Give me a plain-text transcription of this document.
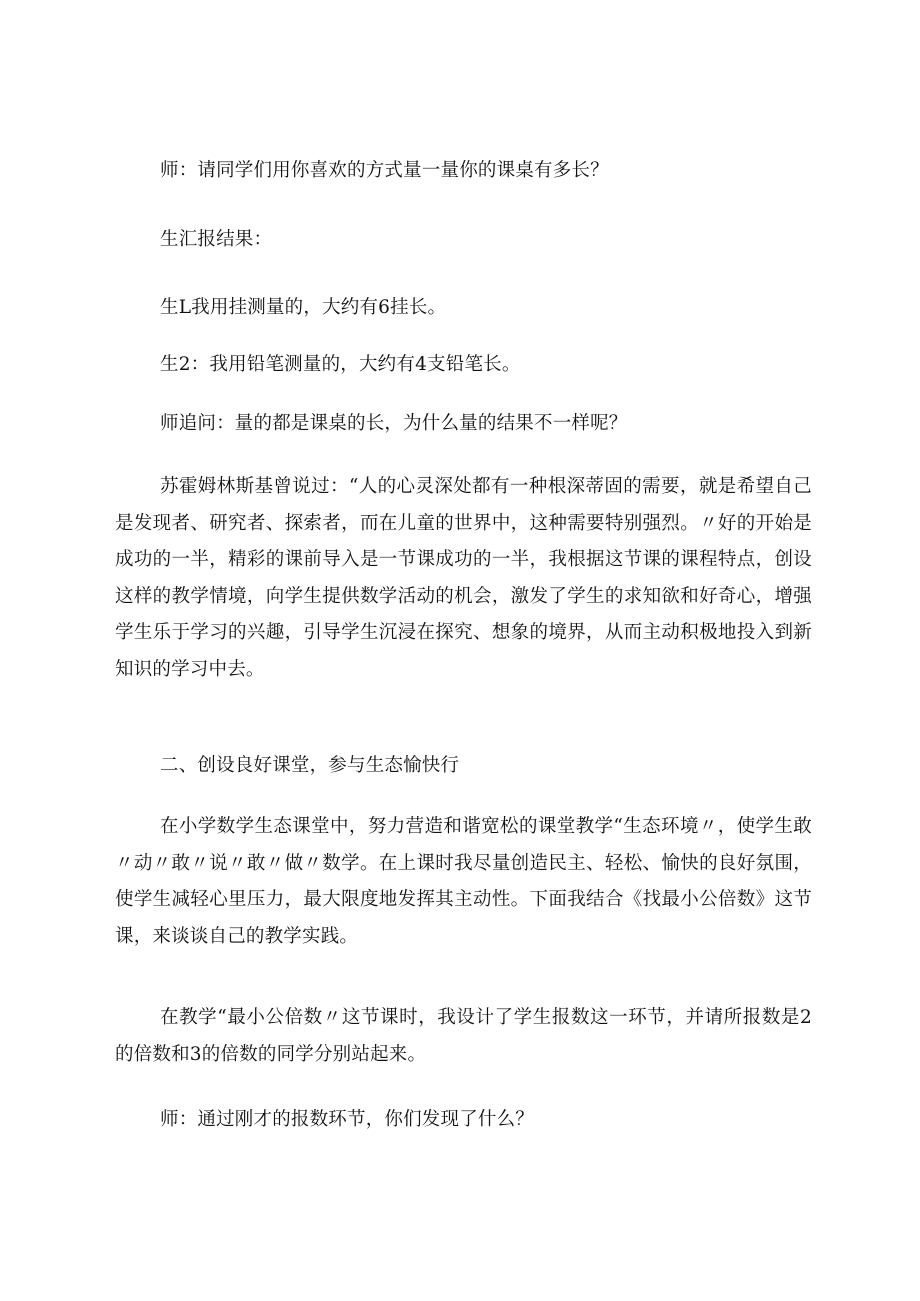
师：请同学们用你喜欢的方式量一量你的课桌有多长？
生汇报结果：
生L我用挂测量的，大约有6挂长。
生2：我用铅笔测量的，大约有4支铅笔长。
师追问：量的都是课桌的长，为什么量的结果不一样呢？
苏霍姆林斯基曾说过：“人的心灵深处都有一种根深蒂固的需要，就是希望自己是发现者、研究者、探索者，而在儿童的世界中，这种需要特别强烈。〃好的开始是成功的一半，精彩的课前导入是一节课成功的一半，我根据这节课的课程特点，创设这样的教学情境，向学生提供数学活动的机会，激发了学生的求知欲和好奇心，增强学生乐于学习的兴趣，引导学生沉浸在探究、想象的境界，从而主动积极地投入到新知识的学习中去。
二、创设良好课堂，参与生态愉快行
在小学数学生态课堂中，努力营造和谐宽松的课堂教学“生态环境〃，使学生敢〃动〃敢〃说〃敢〃做〃数学。在上课时我尽量创造民主、轻松、愉快的良好氛围，使学生减轻心里压力，最大限度地发挥其主动性。下面我结合《找最小公倍数》这节课，来谈谈自己的教学实践。
在教学“最小公倍数〃这节课时，我设计了学生报数这一环节，并请所报数是2的倍数和3的倍数的同学分别站起来。
师：通过刚才的报数环节，你们发现了什么？
